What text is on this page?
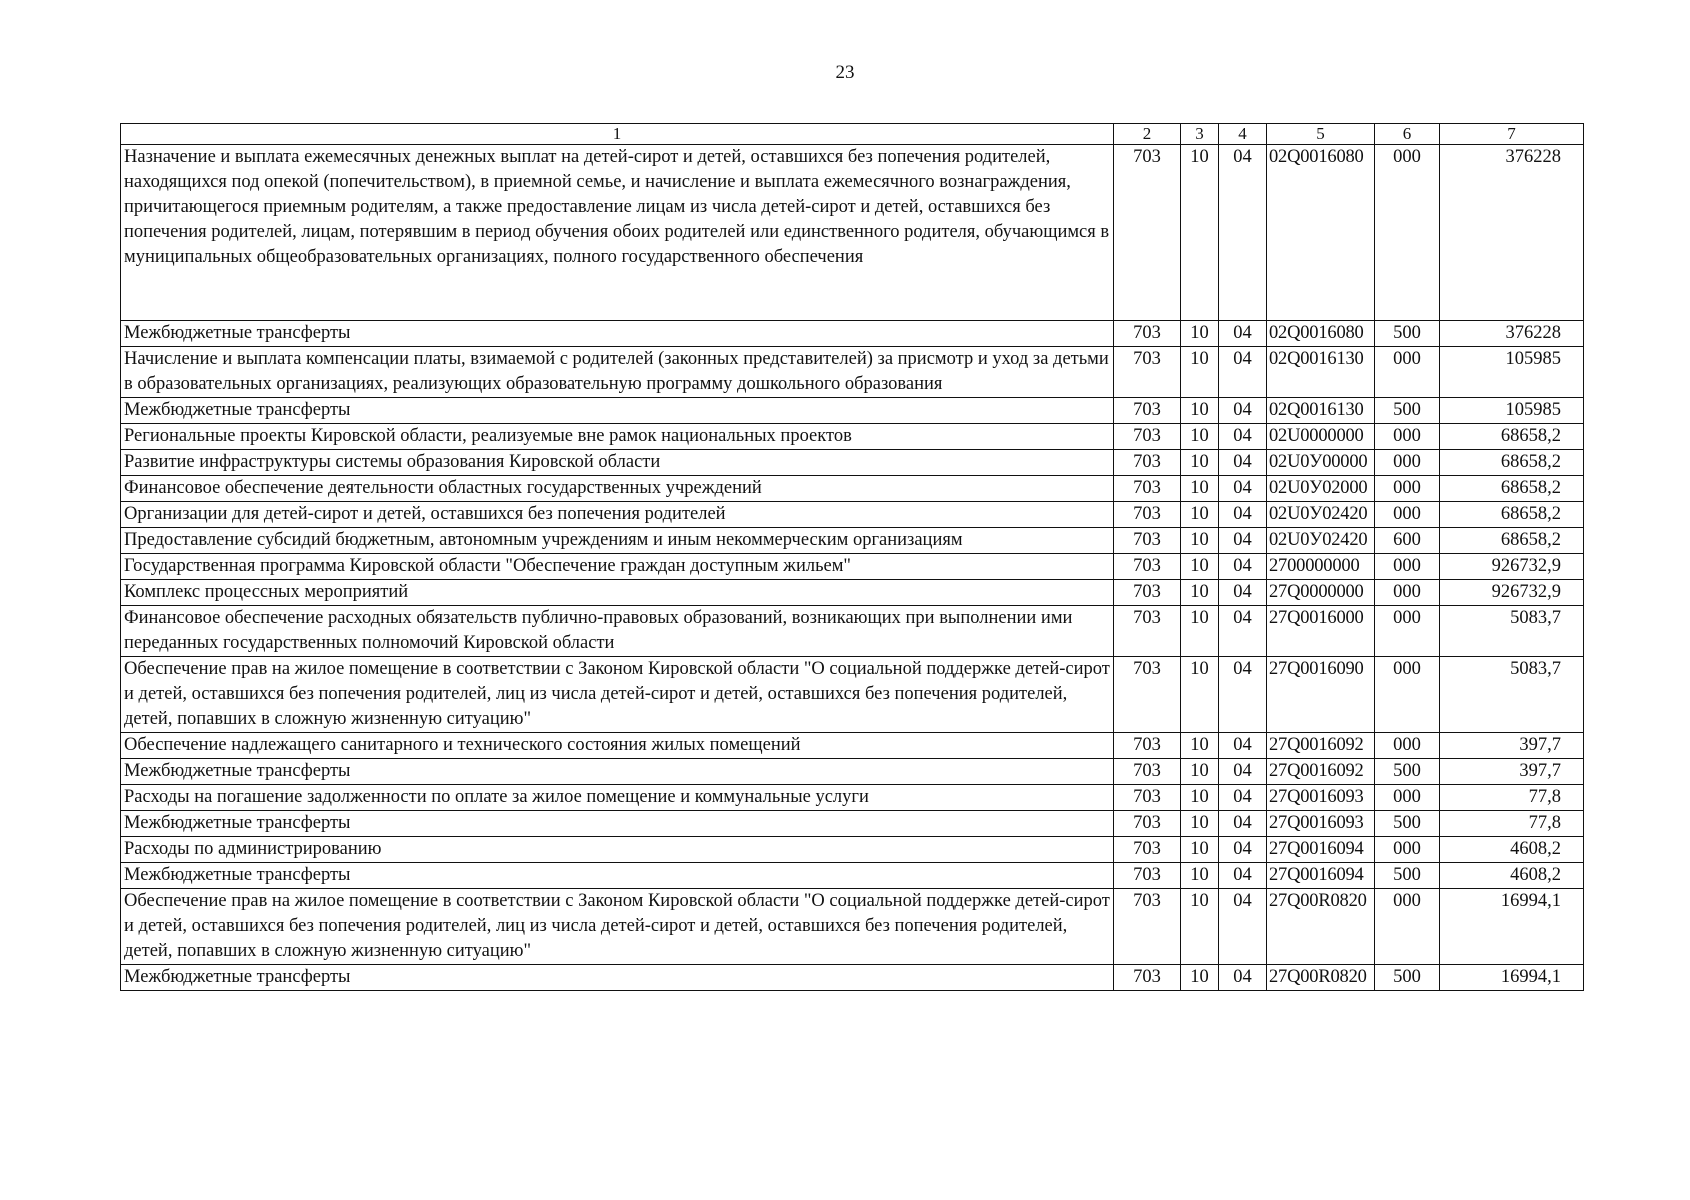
23
1	2	3	4	5	6	7
Назначение и выплата ежемесячных денежных выплат на детей-сирот и детей, оставшихся без попечения родителей, находящихся под опекой (попечительством), в приемной семье, и начисление и выплата ежемесячного вознаграждения, причитающегося приемным родителям, а также предоставление лицам из числа детей-сирот и детей, оставшихся без попечения родителей, лицам, потерявшим в период обучения обоих родителей или единственного родителя, обучающимся в муниципальных общеобразовательных организациях, полного государственного обеспечения	703	10	04	02Q0016080	000	376228
Межбюджетные трансферты	703	10	04	02Q0016080	500	376228
Начисление и выплата компенсации платы, взимаемой с родителей (законных представителей) за присмотр и уход за детьми в образовательных организациях, реализующих образовательную программу дошкольного образования	703	10	04	02Q0016130	000	105985
Межбюджетные трансферты	703	10	04	02Q0016130	500	105985
Региональные проекты Кировской области, реализуемые вне рамок национальных проектов	703	10	04	02U0000000	000	68658,2
Развитие инфраструктуры системы образования Кировской области	703	10	04	02U0У00000	000	68658,2
Финансовое обеспечение деятельности областных государственных учреждений	703	10	04	02U0У02000	000	68658,2
Организации для детей-сирот и детей, оставшихся без попечения родителей	703	10	04	02U0У02420	000	68658,2
Предоставление субсидий бюджетным, автономным учреждениям и иным некоммерческим организациям	703	10	04	02U0У02420	600	68658,2
Государственная программа Кировской области "Обеспечение граждан доступным жильем"	703	10	04	2700000000	000	926732,9
Комплекс процессных мероприятий	703	10	04	27Q0000000	000	926732,9
Финансовое обеспечение расходных обязательств публично-правовых образований, возникающих при выполнении ими переданных государственных полномочий Кировской области	703	10	04	27Q0016000	000	5083,7
Обеспечение прав на жилое помещение в соответствии с Законом Кировской области "О социальной поддержке детей-сирот и детей, оставшихся без попечения родителей, лиц из числа детей-сирот и детей, оставшихся без попечения родителей, детей, попавших в сложную жизненную ситуацию"	703	10	04	27Q0016090	000	5083,7
Обеспечение надлежащего санитарного и технического состояния жилых помещений	703	10	04	27Q0016092	000	397,7
Межбюджетные трансферты	703	10	04	27Q0016092	500	397,7
Расходы на погашение задолженности по оплате за жилое помещение и коммунальные услуги	703	10	04	27Q0016093	000	77,8
Межбюджетные трансферты	703	10	04	27Q0016093	500	77,8
Расходы по администрированию	703	10	04	27Q0016094	000	4608,2
Межбюджетные трансферты	703	10	04	27Q0016094	500	4608,2
Обеспечение прав на жилое помещение в соответствии с Законом Кировской области "О социальной поддержке детей-сирот и детей, оставшихся без попечения родителей, лиц из числа детей-сирот и детей, оставшихся без попечения родителей, детей, попавших в сложную жизненную ситуацию"	703	10	04	27Q00R0820	000	16994,1
Межбюджетные трансферты	703	10	04	27Q00R0820	500	16994,1
